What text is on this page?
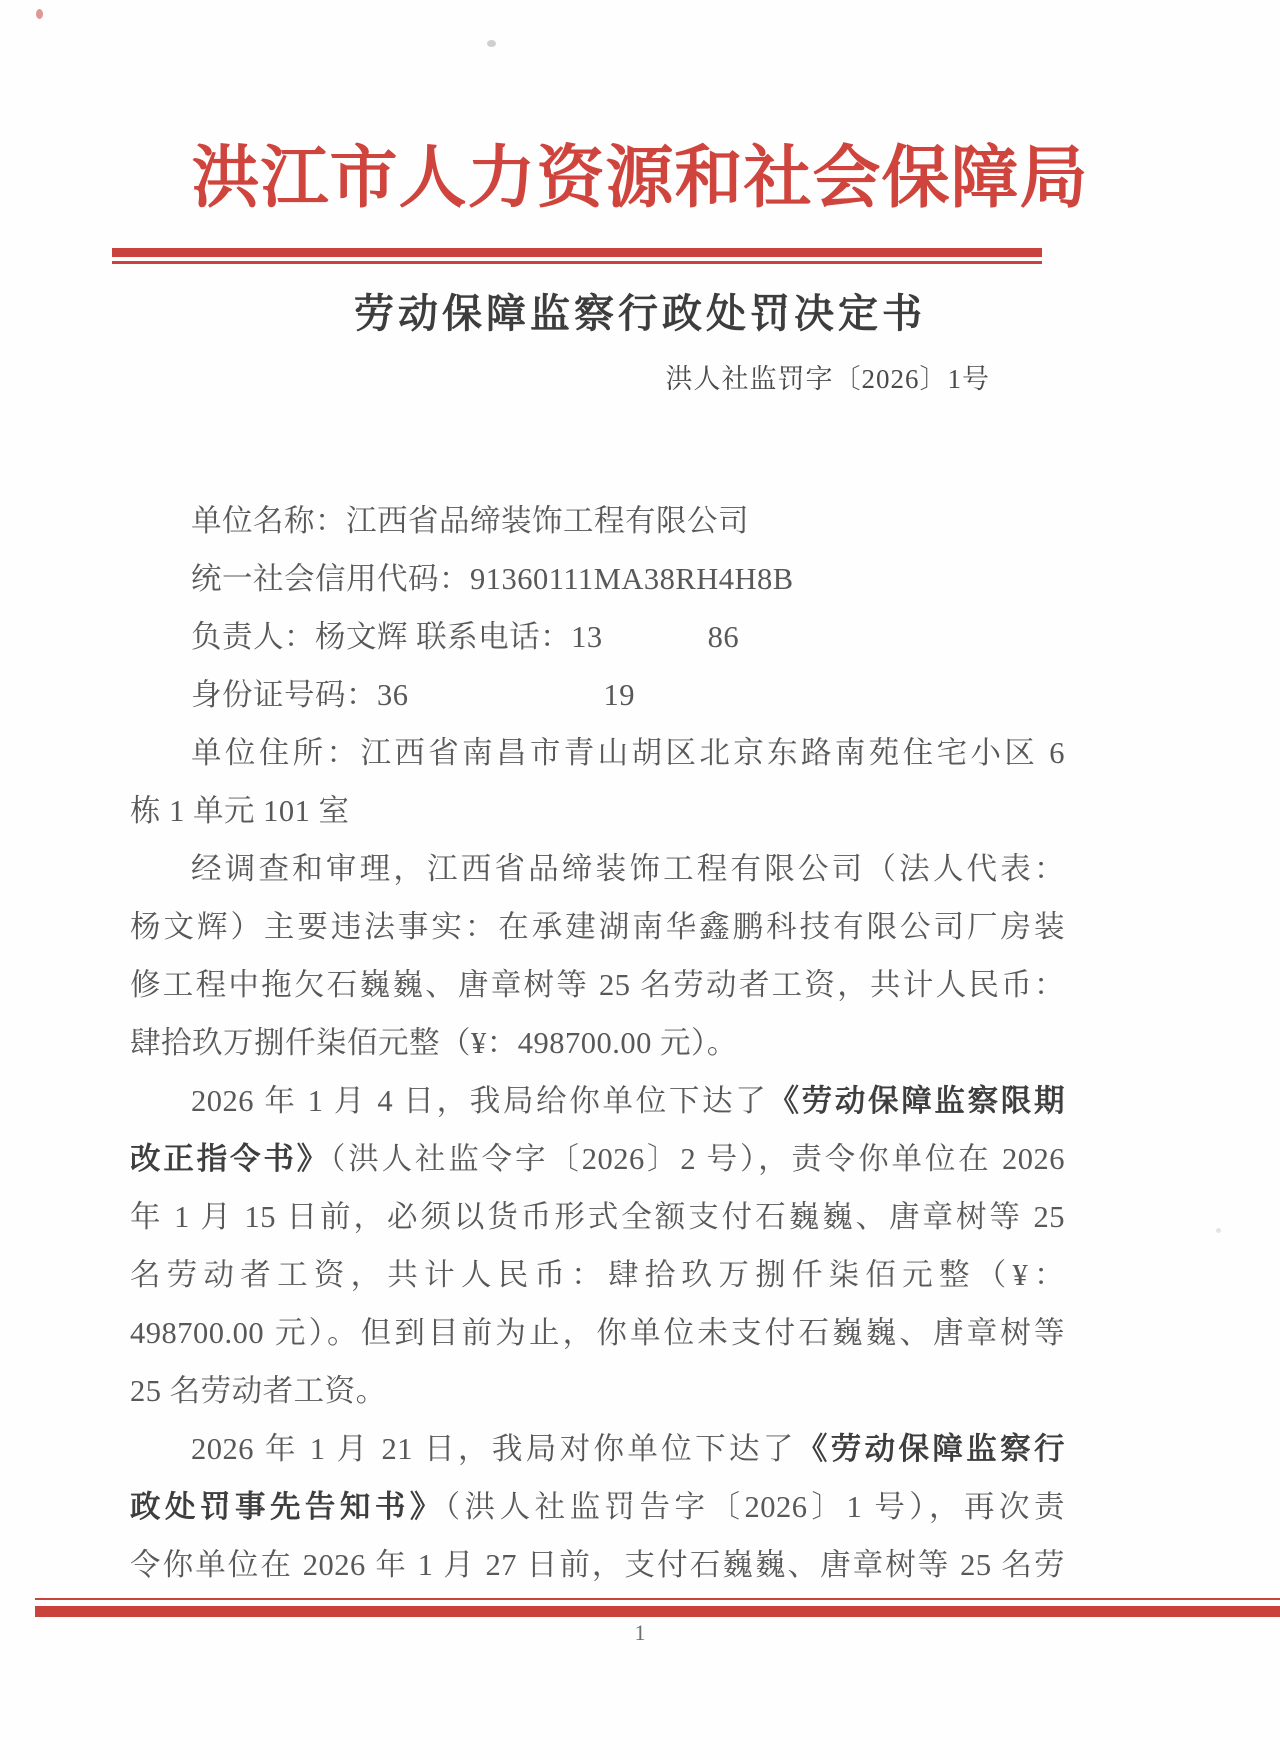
洪江市人力资源和社会保障局
劳动保障监察行政处罚决定书
洪人社监罚字〔2026〕1号
单位名称：江西省品缔装饰工程有限公司
统一社会信用代码：91360111MA38RH4H8B
负责人：杨文辉 联系电话：13	86
身份证号码：36	19
单位住所：江西省南昌市青山胡区北京东路南苑住宅小区 6
栋 1 单元 101 室
经调查和审理，江西省品缔装饰工程有限公司（法人代表：
杨文辉）主要违法事实：在承建湖南华鑫鹏科技有限公司厂房装
修工程中拖欠石巍巍、唐章树等 25 名劳动者工资，共计人民币：
肆拾玖万捌仟柒佰元整（¥：498700.00 元）。
2026 年 1 月 4 日，我局给你单位下达了《劳动保障监察限期
改正指令书》（洪人社监令字〔2026〕2 号），责令你单位在 2026
年 1 月 15 日前，必须以货币形式全额支付石巍巍、唐章树等 25
名劳动者工资，共计人民币：肆拾玖万捌仟柒佰元整（¥：
498700.00 元）。但到目前为止，你单位未支付石巍巍、唐章树等
25 名劳动者工资。
2026 年 1 月 21 日，我局对你单位下达了《劳动保障监察行
政处罚事先告知书》（洪人社监罚告字〔2026〕1 号），再次责
令你单位在 2026 年 1 月 27 日前，支付石巍巍、唐章树等 25 名劳
1
